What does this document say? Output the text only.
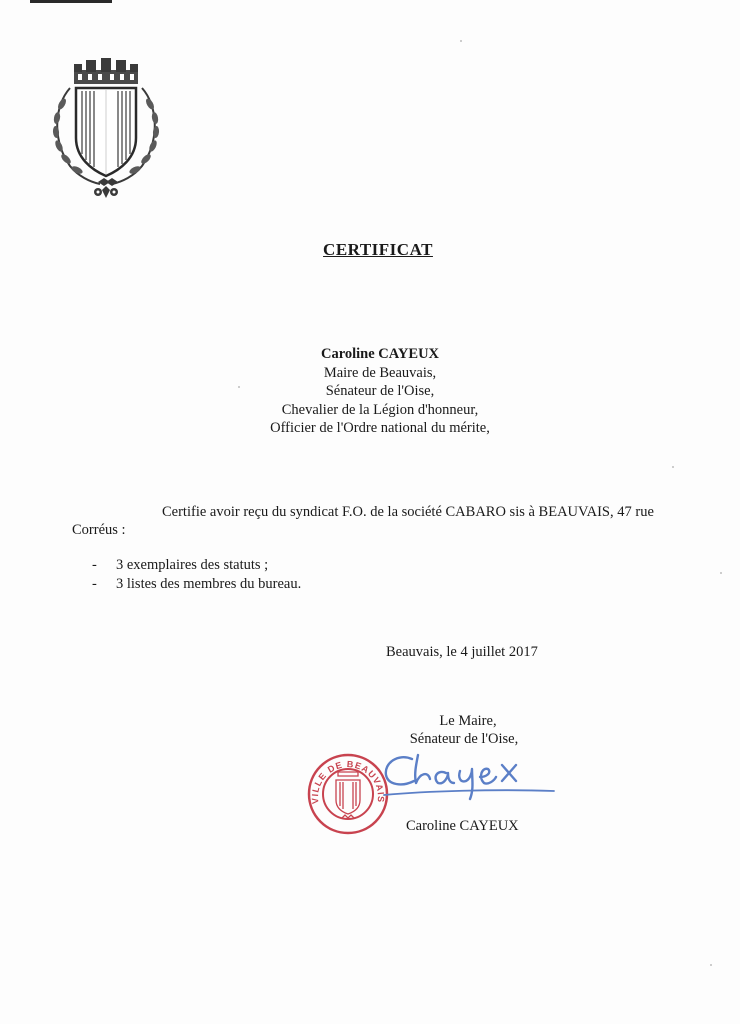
CERTIFICAT
Caroline CAYEUX
Maire de Beauvais,
Sénateur de l'Oise,
Chevalier de la Légion d'honneur,
Officier de l'Ordre national du mérite,
Certifie avoir reçu du syndicat F.O. de la société CABARO sis à BEAUVAIS, 47 rue
Corréus :
- 3 exemplaires des statuts ;
- 3 listes des membres du bureau.
Beauvais, le 4 juillet 2017
Le Maire,
Sénateur de l'Oise,
VILLE DE BEAUVAIS
Caroline CAYEUX
